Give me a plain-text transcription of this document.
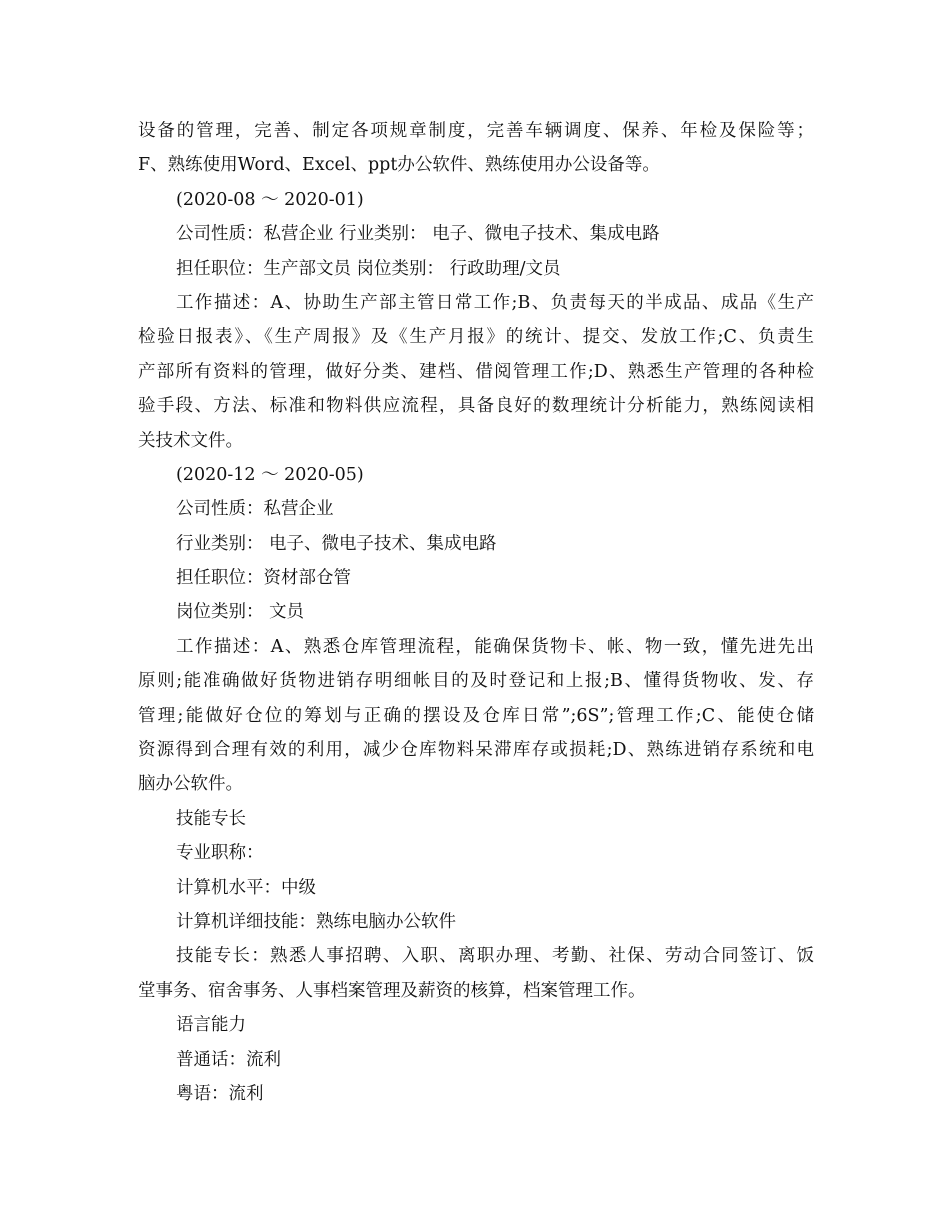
设备的管理，完善、制定各项规章制度，完善车辆调度、保养、年检及保险等；
F、熟练使用Word、Excel、ppt办公软件、熟练使用办公设备等。
(2020-08 ～ 2020-01)
公司性质：私营企业 行业类别： 电子、微电子技术、集成电路
担任职位：生产部文员 岗位类别： 行政助理/文员
工作描述：A、协助生产部主管日常工作;B、负责每天的半成品、成品《生产
检验日报表》、《生产周报》及《生产月报》的统计、提交、发放工作;C、负责生
产部所有资料的管理，做好分类、建档、借阅管理工作;D、熟悉生产管理的各种检
验手段、方法、标准和物料供应流程，具备良好的数理统计分析能力，熟练阅读相
关技术文件。
(2020-12 ～ 2020-05)
公司性质：私营企业
行业类别： 电子、微电子技术、集成电路
担任职位：资材部仓管
岗位类别： 文员
工作描述：A、熟悉仓库管理流程，能确保货物卡、帐、物一致，懂先进先出
原则;能准确做好货物进销存明细帐目的及时登记和上报;B、懂得货物收、发、存
管理;能做好仓位的筹划与正确的摆设及仓库日常”;6S”;管理工作;C、能使仓储
资源得到合理有效的利用，减少仓库物料呆滞库存或损耗;D、熟练进销存系统和电
脑办公软件。
技能专长
专业职称：
计算机水平：中级
计算机详细技能：熟练电脑办公软件
技能专长：熟悉人事招聘、入职、离职办理、考勤、社保、劳动合同签订、饭
堂事务、宿舍事务、人事档案管理及薪资的核算，档案管理工作。
语言能力
普通话：流利
粤语：流利
